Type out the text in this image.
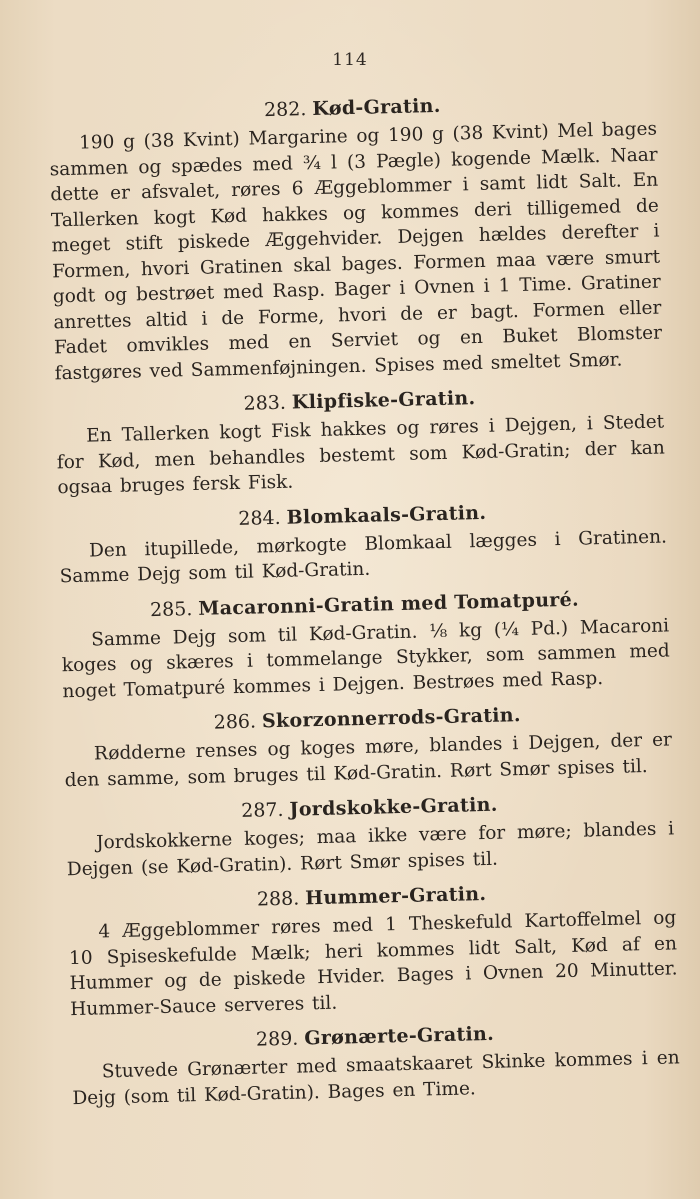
114

282. Kød-Gratin.

190 g (38 Kvint) Margarine og 190 g (38 Kvint) Mel bages sammen og spædes med ³⁄₄ l (3 Pægle) kogende Mælk. Naar dette er afsvalet, røres 6 Æggeblommer i samt lidt Salt. En Tallerken kogt Kød hakkes og kommes deri tilligemed de meget stift piskede Æggehvider. Dejgen hældes derefter i Formen, hvori Gratinen skal bages. Formen maa være smurt godt og bestrøet med Rasp. Bager i Ovnen i 1 Time. Gratiner anrettes altid i de Forme, hvori de er bagt. Formen eller Fadet omvikles med en Serviet og en Buket Blomster fastgøres ved Sammenføjningen. Spises med smeltet Smør.

283. Klipfiske-Gratin.

En Tallerken kogt Fisk hakkes og røres i Dejgen, i Stedet for Kød, men behandles bestemt som Kød-Gratin; der kan ogsaa bruges fersk Fisk.

284. Blomkaals-Gratin.

Den itupillede, mørkogte Blomkaal lægges i Gratinen. Samme Dejg som til Kød-Gratin.

285. Macaronni-Gratin med Tomatpuré.

Samme Dejg som til Kød-Gratin. ¹⁄₈ kg (¹⁄₄ Pd.) Macaroni koges og skæres i tommelange Stykker, som sammen med noget Tomatpuré kommes i Dejgen. Bestrøes med Rasp.

286. Skorzonnerrods-Gratin.

Rødderne renses og koges møre, blandes i Dejgen, der er den samme, som bruges til Kød-Gratin. Rørt Smør spises til.

287. Jordskokke-Gratin.

Jordskokkerne koges; maa ikke være for møre; blandes i Dejgen (se Kød-Gratin). Rørt Smør spises til.

288. Hummer-Gratin.

4 Æggeblommer røres med 1 Theskefuld Kartoffelmel og 10 Spiseskefulde Mælk; heri kommes lidt Salt, Kød af en Hummer og de piskede Hvider. Bages i Ovnen 20 Minutter. Hummer-Sauce serveres til.

289. Grønærte-Gratin.

Stuvede Grønærter med smaatskaaret Skinke kommes i en Dejg (som til Kød-Gratin). Bages en Time.
